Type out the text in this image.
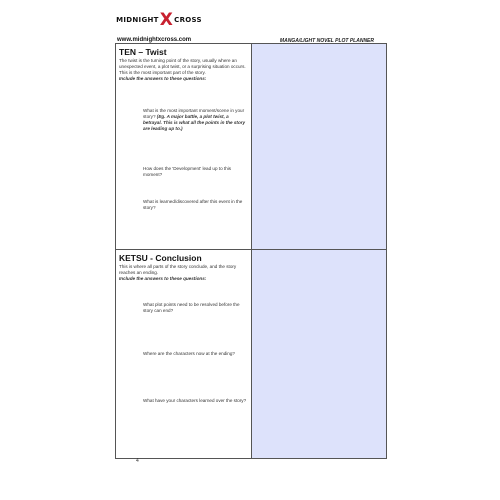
MIDNIGHT X CROSS
www.midnightxcross.com	MANGA/LIGHT NOVEL PLOT PLANNER
TEN – Twist
The twist is the turning point of the story, usually where an unexpected event, a plot twist, or a surprising situation occurs. This is the most important part of the story.
Include the answers to these questions:
What is the most important moment/scene in your story? (Eg. A major battle, a plot twist, a betrayal. This is what all the points in the story are leading up to.)
How does the 'Development' lead up to this moment?
What is learned/discovered after this event in the story?
KETSU - Conclusion
This is where all parts of the story conclude, and the story reaches an ending.
Include the answers to these questions:
What plot points need to be resolved before the story can end?
Where are the characters now at the ending?
What have your characters learned over the story?
4
